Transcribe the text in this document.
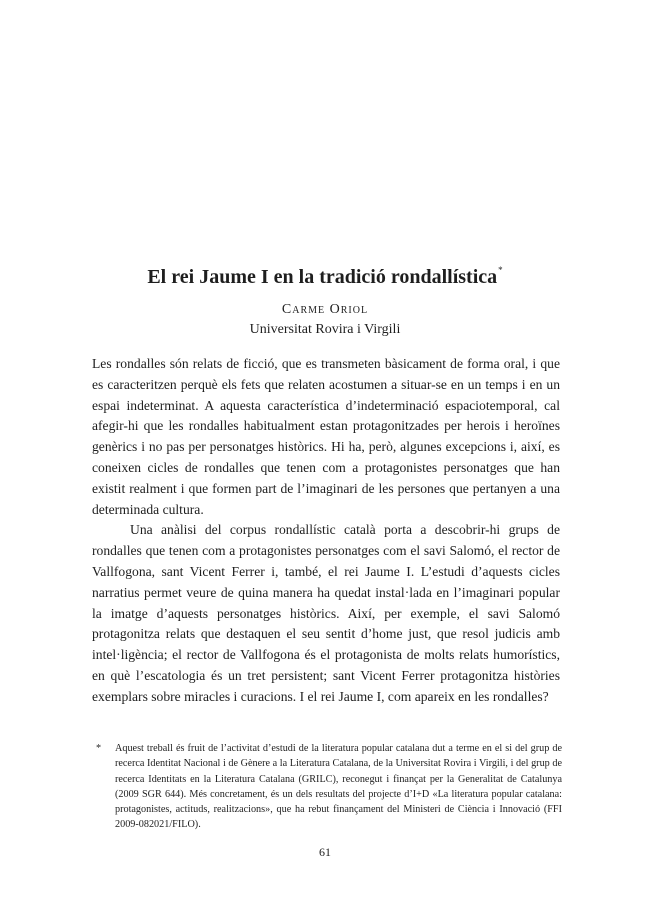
El rei Jaume I en la tradició rondallística*
Carme Oriol
Universitat Rovira i Virgili

Les rondalles són relats de ficció, que es transmeten bàsicament de forma oral, i que es caracteritzen perquè els fets que relaten acostumen a situar-se en un temps i en un espai indeterminat. A aquesta característica d’indeterminació espaciotemporal, cal afegir-hi que les rondalles habitualment estan protagonitzades per herois i heroïnes genèrics i no pas per personatges històrics. Hi ha, però, algunes excepcions i, així, es coneixen cicles de rondalles que tenen com a protagonistes personatges que han existit realment i que formen part de l’imaginari de les persones que pertanyen a una determinada cultura.

Una anàlisi del corpus rondallístic català porta a descobrir-hi grups de rondalles que tenen com a protagonistes personatges com el savi Salomó, el rector de Vallfogona, sant Vicent Ferrer i, també, el rei Jaume I. L’estudi d’aquests cicles narratius permet veure de quina manera ha quedat instal·lada en l’imaginari popular la imatge d’aquests personatges històrics. Així, per exemple, el savi Salomó protagonitza relats que destaquen el seu sentit d’home just, que resol judicis amb intel·ligència; el rector de Vallfogona és el protagonista de molts relats humorístics, en què l’escatologia és un tret persistent; sant Vicent Ferrer protagonitza històries exemplars sobre miracles i curacions. I el rei Jaume I, com apareix en les rondalles?

* Aquest treball és fruit de l’activitat d’estudi de la literatura popular catalana dut a terme en el si del grup de recerca Identitat Nacional i de Gènere a la Literatura Catalana, de la Universitat Rovira i Virgili, i del grup de recerca Identitats en la Literatura Catalana (GRILC), reconegut i finançat per la Generalitat de Catalunya (2009 SGR 644). Més concretament, és un dels resultats del projecte d’I+D «La literatura popular catalana: protagonistes, actituds, realitzacions», que ha rebut finançament del Ministeri de Ciència i Innovació (FFI 2009-082021/FILO).
61
